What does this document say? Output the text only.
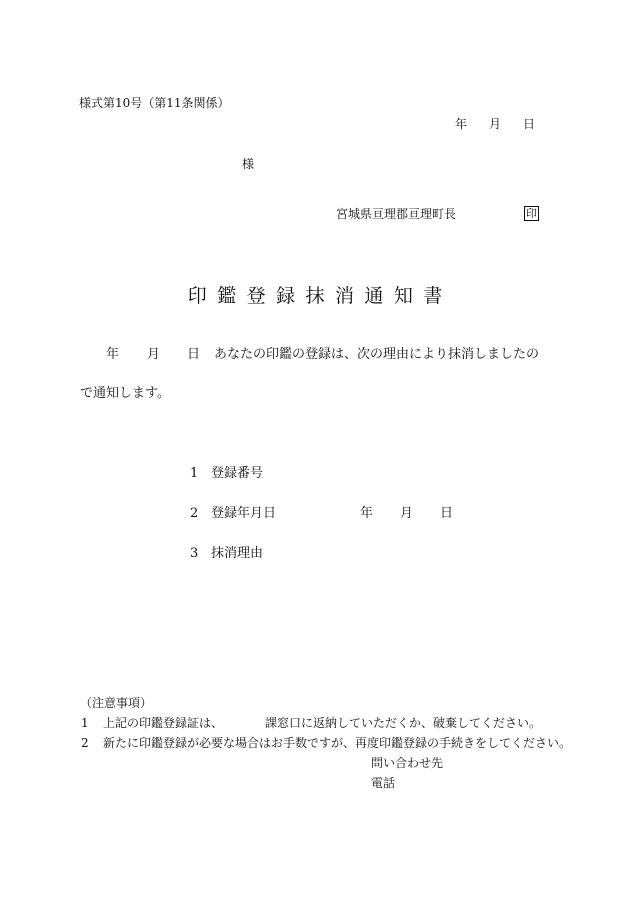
様式第10号（第11条関係）
年 月 日
様
宮城県亘理郡亘理町長	印
印鑑登録抹消通知書
年 月 日 あなたの印鑑の登録は、次の理由により抹消しましたの
で通知します。
1 登録番号
2 登録年月日	年 月 日
3 抹消理由
（注意事項）
1 上記の印鑑登録証は、	課窓口に返納していただくか、破棄してください。
2 新たに印鑑登録が必要な場合はお手数ですが、再度印鑑登録の手続きをしてください。
問い合わせ先
電話
